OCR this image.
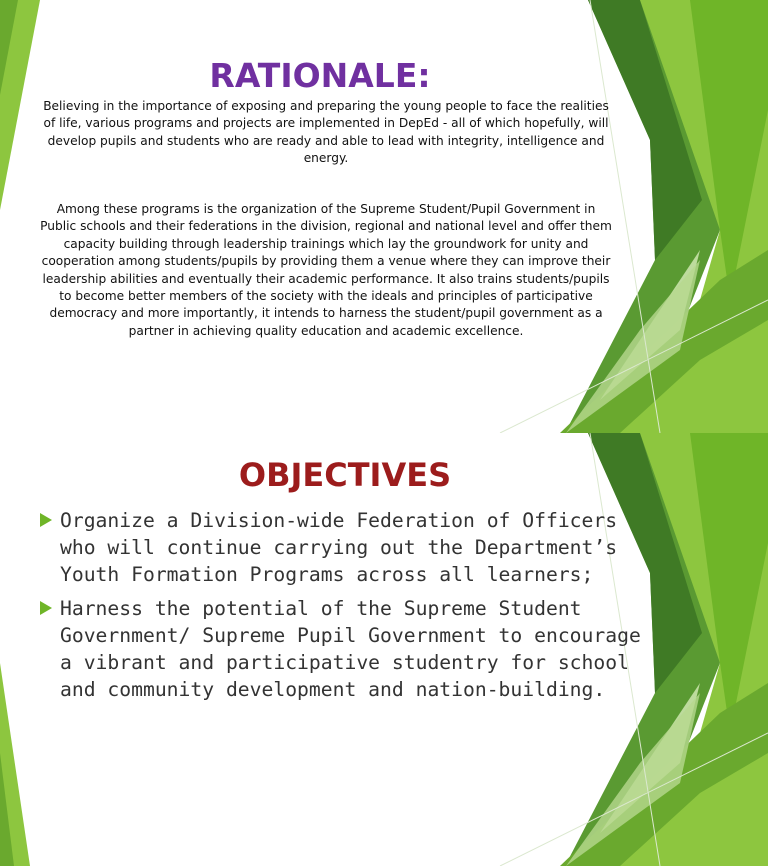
RATIONALE:
Believing in the importance of exposing and preparing the young people to face the realities of life, various programs and projects are implemented in DepEd - all of which hopefully, will develop pupils and students who are ready and able to lead with integrity, intelligence and energy.
Among these programs is the organization of the Supreme Student/Pupil Government in Public schools and their federations in the division, regional and national level and offer them capacity building through leadership trainings which lay the groundwork for unity and cooperation among students/pupils by providing them a venue where they can improve their leadership abilities and eventually their academic performance. It also trains students/pupils to become better members of the society with the ideals and principles of participative democracy and more importantly, it intends to harness the student/pupil government as a partner in achieving quality education and academic excellence.
OBJECTIVES
Organize a Division-wide Federation of Officers who will continue carrying out the Department’s Youth Formation Programs across all learners;
Harness the potential of the Supreme Student Government/ Supreme Pupil Government to encourage a vibrant and participative studentry for school and community development and nation-building.
